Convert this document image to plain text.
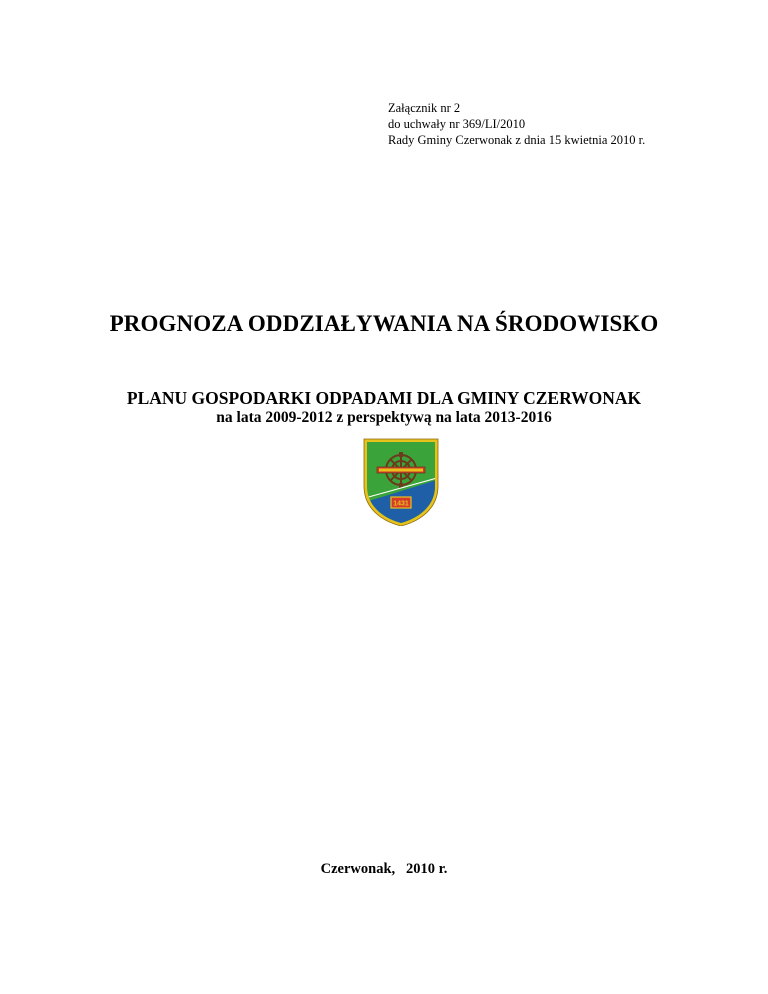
Załącznik nr 2
do uchwały nr 369/LI/2010
Rady Gminy Czerwonak z dnia 15 kwietnia 2010 r.
PROGNOZA ODDZIAŁYWANIA NA ŚRODOWISKO
PLANU GOSPODARKI ODPADAMI DLA GMINY CZERWONAK
na lata 2009-2012 z perspektywą na lata 2013-2016
1431
Czerwonak,   2010 r.
